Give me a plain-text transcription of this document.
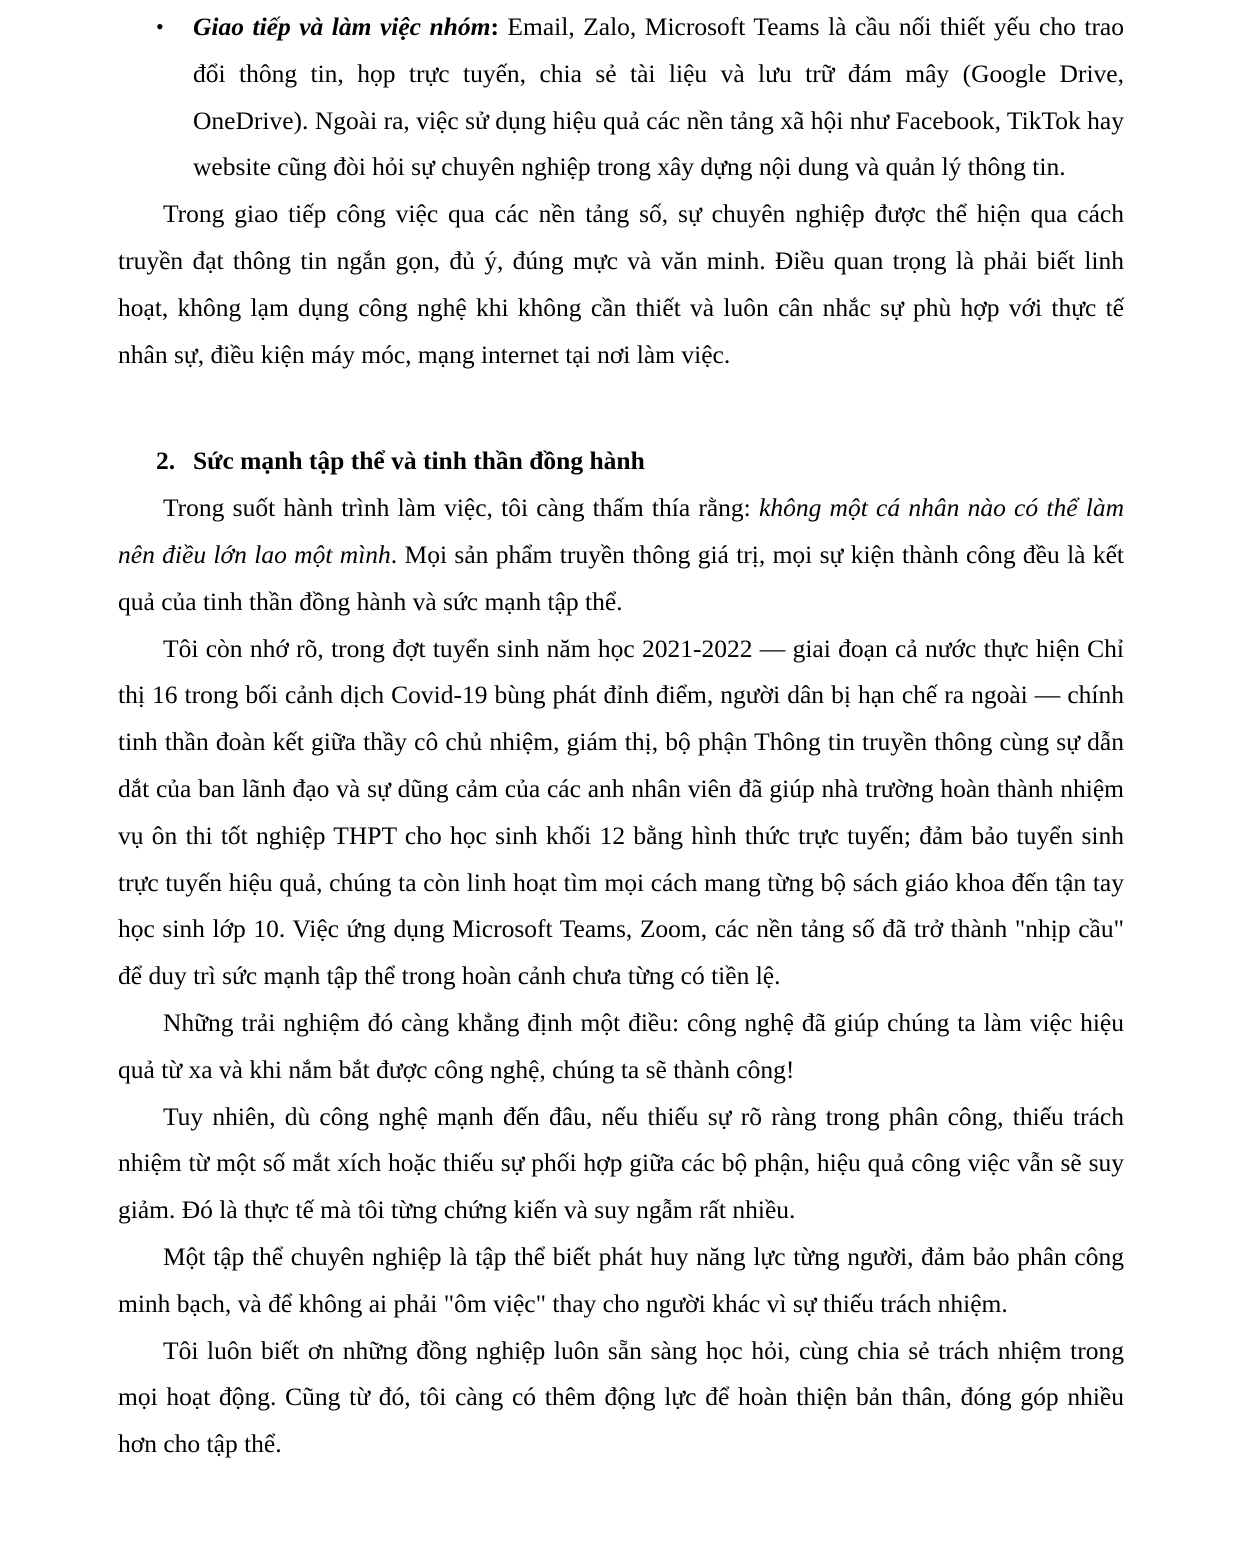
• Giao tiếp và làm việc nhóm: Email, Zalo, Microsoft Teams là cầu nối thiết yếu cho trao đổi thông tin, họp trực tuyến, chia sẻ tài liệu và lưu trữ đám mây (Google Drive, OneDrive). Ngoài ra, việc sử dụng hiệu quả các nền tảng xã hội như Facebook, TikTok hay website cũng đòi hỏi sự chuyên nghiệp trong xây dựng nội dung và quản lý thông tin.

Trong giao tiếp công việc qua các nền tảng số, sự chuyên nghiệp được thể hiện qua cách truyền đạt thông tin ngắn gọn, đủ ý, đúng mực và văn minh. Điều quan trọng là phải biết linh hoạt, không lạm dụng công nghệ khi không cần thiết và luôn cân nhắc sự phù hợp với thực tế nhân sự, điều kiện máy móc, mạng internet tại nơi làm việc.

2. Sức mạnh tập thể và tinh thần đồng hành

Trong suốt hành trình làm việc, tôi càng thấm thía rằng: không một cá nhân nào có thể làm nên điều lớn lao một mình. Mọi sản phẩm truyền thông giá trị, mọi sự kiện thành công đều là kết quả của tinh thần đồng hành và sức mạnh tập thể.

Tôi còn nhớ rõ, trong đợt tuyển sinh năm học 2021-2022 — giai đoạn cả nước thực hiện Chỉ thị 16 trong bối cảnh dịch Covid-19 bùng phát đỉnh điểm, người dân bị hạn chế ra ngoài — chính tinh thần đoàn kết giữa thầy cô chủ nhiệm, giám thị, bộ phận Thông tin truyền thông cùng sự dẫn dắt của ban lãnh đạo và sự dũng cảm của các anh nhân viên đã giúp nhà trường hoàn thành nhiệm vụ ôn thi tốt nghiệp THPT cho học sinh khối 12 bằng hình thức trực tuyến; đảm bảo tuyển sinh trực tuyến hiệu quả, chúng ta còn linh hoạt tìm mọi cách mang từng bộ sách giáo khoa đến tận tay học sinh lớp 10. Việc ứng dụng Microsoft Teams, Zoom, các nền tảng số đã trở thành "nhịp cầu" để duy trì sức mạnh tập thể trong hoàn cảnh chưa từng có tiền lệ.

Những trải nghiệm đó càng khẳng định một điều: công nghệ đã giúp chúng ta làm việc hiệu quả từ xa và khi nắm bắt được công nghệ, chúng ta sẽ thành công!

Tuy nhiên, dù công nghệ mạnh đến đâu, nếu thiếu sự rõ ràng trong phân công, thiếu trách nhiệm từ một số mắt xích hoặc thiếu sự phối hợp giữa các bộ phận, hiệu quả công việc vẫn sẽ suy giảm. Đó là thực tế mà tôi từng chứng kiến và suy ngẫm rất nhiều.

Một tập thể chuyên nghiệp là tập thể biết phát huy năng lực từng người, đảm bảo phân công minh bạch, và để không ai phải "ôm việc" thay cho người khác vì sự thiếu trách nhiệm.

Tôi luôn biết ơn những đồng nghiệp luôn sẵn sàng học hỏi, cùng chia sẻ trách nhiệm trong mọi hoạt động. Cũng từ đó, tôi càng có thêm động lực để hoàn thiện bản thân, đóng góp nhiều hơn cho tập thể.
